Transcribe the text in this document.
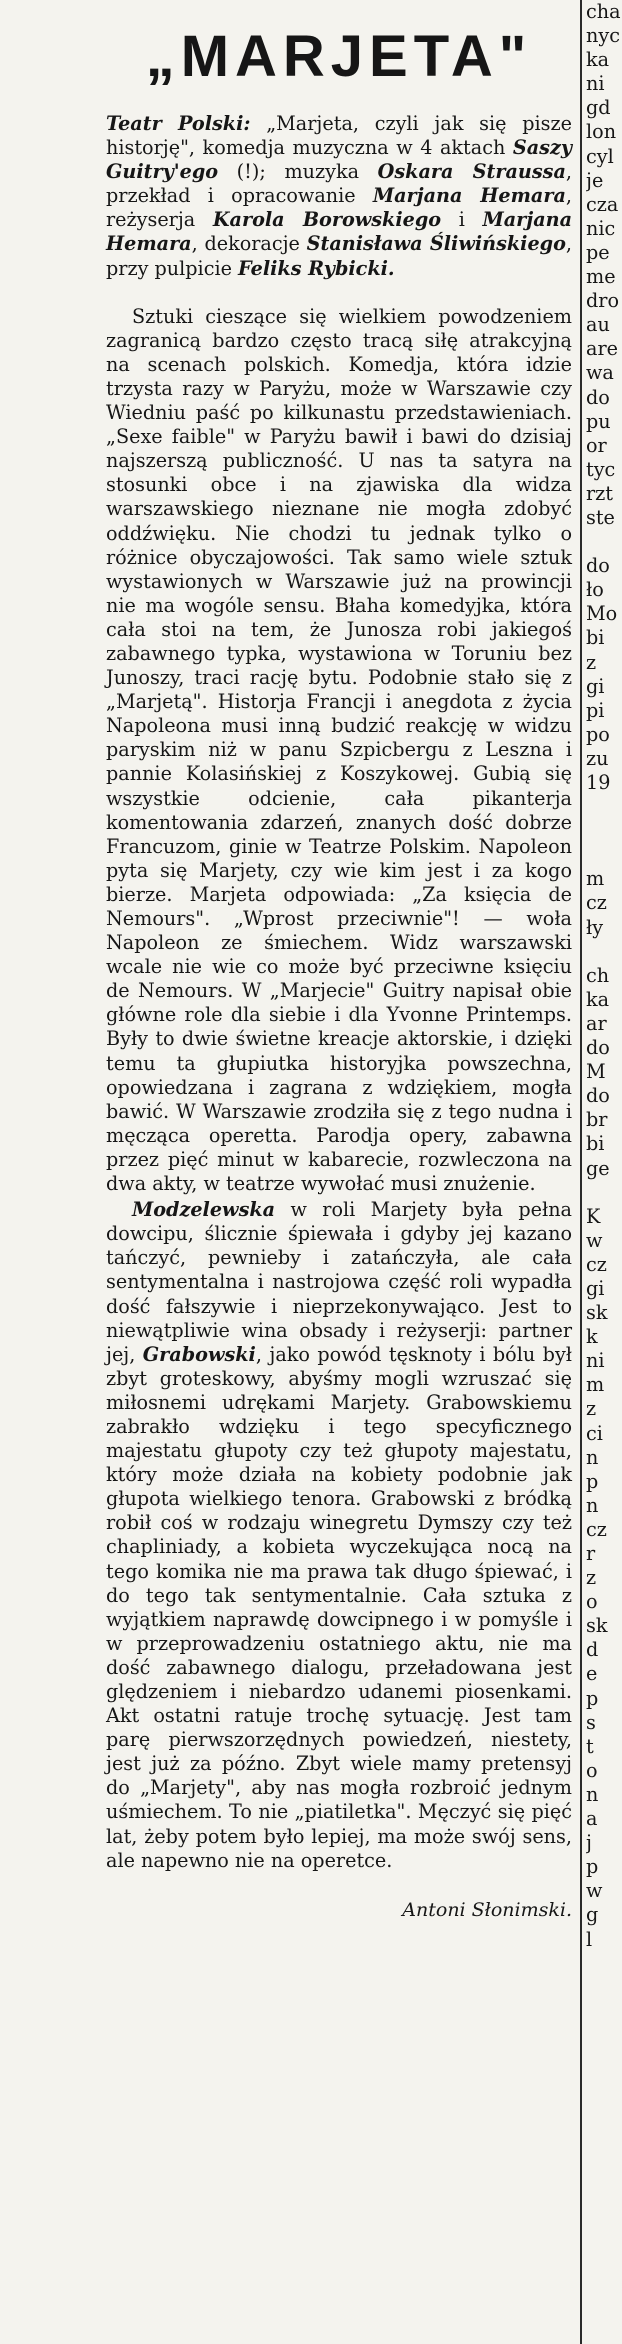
„MARJETA"

Teatr Polski: „Marjeta, czyli jak się pisze historję", komedja muzyczna w 4 aktach Saszy Guitry'ego (!); muzyka Oskara Straussa, przekład i opracowanie Marjana Hemara, reżyserja Karola Borowskiego i Marjana Hemara, dekoracje Stanisława Śliwińskiego, przy pulpicie Feliks Rybicki.

Sztuki cieszące się wielkiem powodzeniem zagranicą bardzo często tracą siłę atrakcyjną na scenach polskich. Komedja, która idzie trzysta razy w Paryżu, może w Warszawie czy Wiedniu paść po kilkunastu przedstawieniach. „Sexe faible" w Paryżu bawił i bawi do dzisiaj najszerszą publiczność. U nas ta satyra na stosunki obce i na zjawiska dla widza warszawskiego nieznane nie mogła zdobyć oddźwięku. Nie chodzi tu jednak tylko o różnice obyczajowości. Tak samo wiele sztuk wystawionych w Warszawie już na prowincji nie ma wogóle sensu. Błaha komedyjka, która cała stoi na tem, że Junosza robi jakiegoś zabawnego typka, wystawiona w Toruniu bez Junoszy, traci rację bytu. Podobnie stało się z „Marjetą". Historja Francji i anegdota z życia Napoleona musi inną budzić reakcję w widzu paryskim niż w panu Szpicbergu z Leszna i pannie Kolasińskiej z Koszykowej. Gubią się wszystkie odcienie, cała pikanterja komentowania zdarzeń, znanych dość dobrze Francuzom, ginie w Teatrze Polskim. Napoleon pyta się Marjety, czy wie kim jest i za kogo bierze. Marjeta odpowiada: „Za księcia de Nemours". „Wprost przeciwnie"! — woła Napoleon ze śmiechem. Widz warszawski wcale nie wie co może być przeciwne księciu de Nemours. W „Marjecie" Guitry napisał obie główne role dla siebie i dla Yvonne Printemps. Były to dwie świetne kreacje aktorskie, i dzięki temu ta głupiutka historyjka powszechna, opowiedzana i zagrana z wdziękiem, mogła bawić. W Warszawie zrodziła się z tego nudna i męcząca operetta. Parodja opery, zabawna przez pięć minut w kabarecie, rozwleczona na dwa akty, w teatrze wywołać musi znużenie.

Modzelewska w roli Marjety była pełna dowcipu, ślicznie śpiewała i gdyby jej kazano tańczyć, pewnieby i zatańczyła, ale cała sentymentalna i nastrojowa część roli wypadła dość fałszywie i nieprzekonywająco. Jest to niewątpliwie wina obsady i reżyserji: partner jej, Grabowski, jako powód tęsknoty i bólu był zbyt groteskowy, abyśmy mogli wzruszać się miłosnemi udrękami Marjety. Grabowskiemu zabrakło wdzięku i tego specyficznego majestatu głupoty czy też głupoty majestatu, który może działa na kobiety podobnie jak głupota wielkiego tenora. Grabowski z bródką robił coś w rodzaju winegretu Dymszy czy też chapliniady, a kobieta wyczekująca nocą na tego komika nie ma prawa tak długo śpiewać, i do tego tak sentymentalnie. Cała sztuka z wyjątkiem naprawdę dowcipnego i w pomyśle i w przeprowadzeniu ostatniego aktu, nie ma dość zabawnego dialogu, przeładowana jest ględzeniem i niebardzo udanemi piosenkami. Akt ostatni ratuje trochę sytuację. Jest tam parę pierwszorzędnych powiedzeń, niestety, jest już za późno. Zbyt wiele mamy pretensyj do „Marjety", aby nas mogła rozbroić jednym uśmiechem. To nie „piatiletka". Męczyć się pięć lat, żeby potem było lepiej, ma może swój sens, ale napewno nie na operetce.

Antoni Słonimski.
cha
nyc
ka
ni
gd
lon
cyl
je
cza
nic
pe
me
dro
au
are
wa
do
pu
or
tyc
rzt
ste
do
ło
Mo
bi
z
gi
pi
po
zu
19
m
cz
ły
ch
ka
ar
do
M
do
br
bi
ge
K
w
cz
gi
sk
k
ni
m
z
ci
n
p
n
cz
r
z
o
sk
d
e
p
s
t
o
n
a
j
p
w
g
l
